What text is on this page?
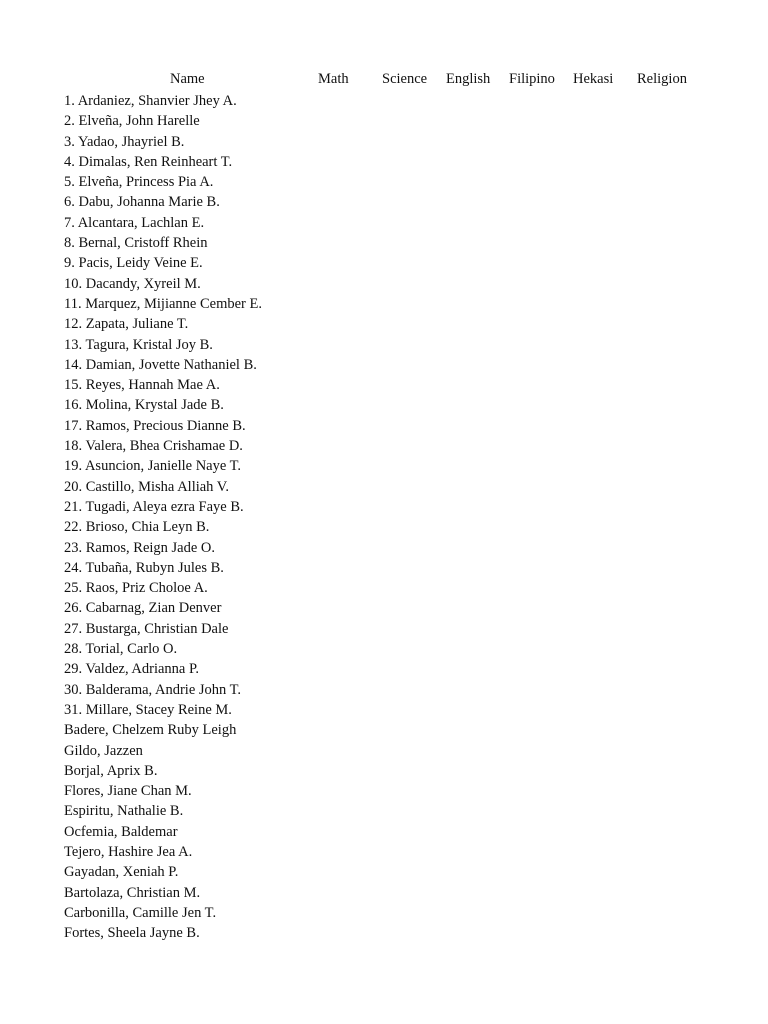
Name	Math Science English Filipino Hekasi Religion
1. Ardaniez, Shanvier Jhey A.
2. Elveña, John Harelle
3. Yadao, Jhayriel B.
4. Dimalas, Ren Reinheart T.
5. Elveña, Princess Pia A.
6. Dabu, Johanna Marie B.
7. Alcantara, Lachlan E.
8. Bernal, Cristoff Rhein
9. Pacis, Leidy Veine E.
10. Dacandy, Xyreil M.
11. Marquez, Mijianne Cember E.
12. Zapata, Juliane T.
13. Tagura, Kristal Joy B.
14. Damian, Jovette Nathaniel B.
15. Reyes, Hannah Mae A.
16. Molina, Krystal Jade B.
17. Ramos, Precious Dianne B.
18. Valera, Bhea Crishamae D.
19. Asuncion, Janielle Naye T.
20. Castillo, Misha Alliah V.
21. Tugadi, Aleya ezra Faye B.
22. Brioso, Chia Leyn B.
23. Ramos, Reign Jade O.
24. Tubaña, Rubyn Jules B.
25. Raos, Priz Choloe A.
26. Cabarnag, Zian Denver
27. Bustarga, Christian Dale
28. Torial, Carlo O.
29. Valdez, Adrianna P.
30. Balderama, Andrie John T.
31. Millare, Stacey Reine M.
Badere, Chelzem Ruby Leigh
Gildo, Jazzen
Borjal, Aprix B.
Flores, Jiane Chan M.
Espiritu, Nathalie B.
Ocfemia, Baldemar
Tejero, Hashire Jea A.
Gayadan, Xeniah P.
Bartolaza, Christian M.
Carbonilla, Camille Jen T.
Fortes, Sheela Jayne B.
